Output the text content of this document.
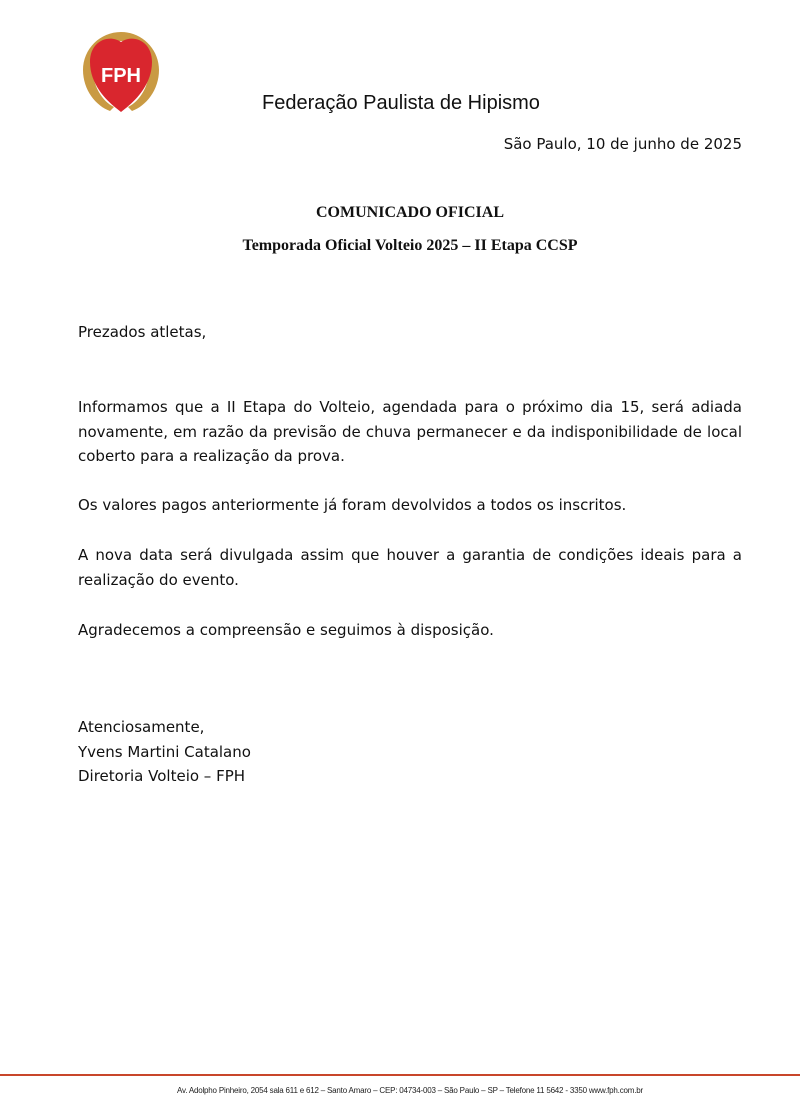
FPH
Federação Paulista de Hipismo
São Paulo, 10 de junho de 2025
COMUNICADO OFICIAL
Temporada Oficial Volteio 2025 – II Etapa CCSP
Prezados atletas,
Informamos que a II Etapa do Volteio, agendada para o próximo dia 15, será adiada novamente, em razão da previsão de chuva permanecer e da indisponibilidade de local coberto para a realização da prova.
Os valores pagos anteriormente já foram devolvidos a todos os inscritos.
A nova data será divulgada assim que houver a garantia de condições ideais para a realização do evento.
Agradecemos a compreensão e seguimos à disposição.
Atenciosamente,
Yvens Martini Catalano
Diretoria Volteio – FPH
Av. Adolpho Pinheiro, 2054 sala 611 e 612 – Santo Amaro – CEP: 04734-003 – São Paulo – SP – Telefone 11 5642 - 3350 www.fph.com.br
